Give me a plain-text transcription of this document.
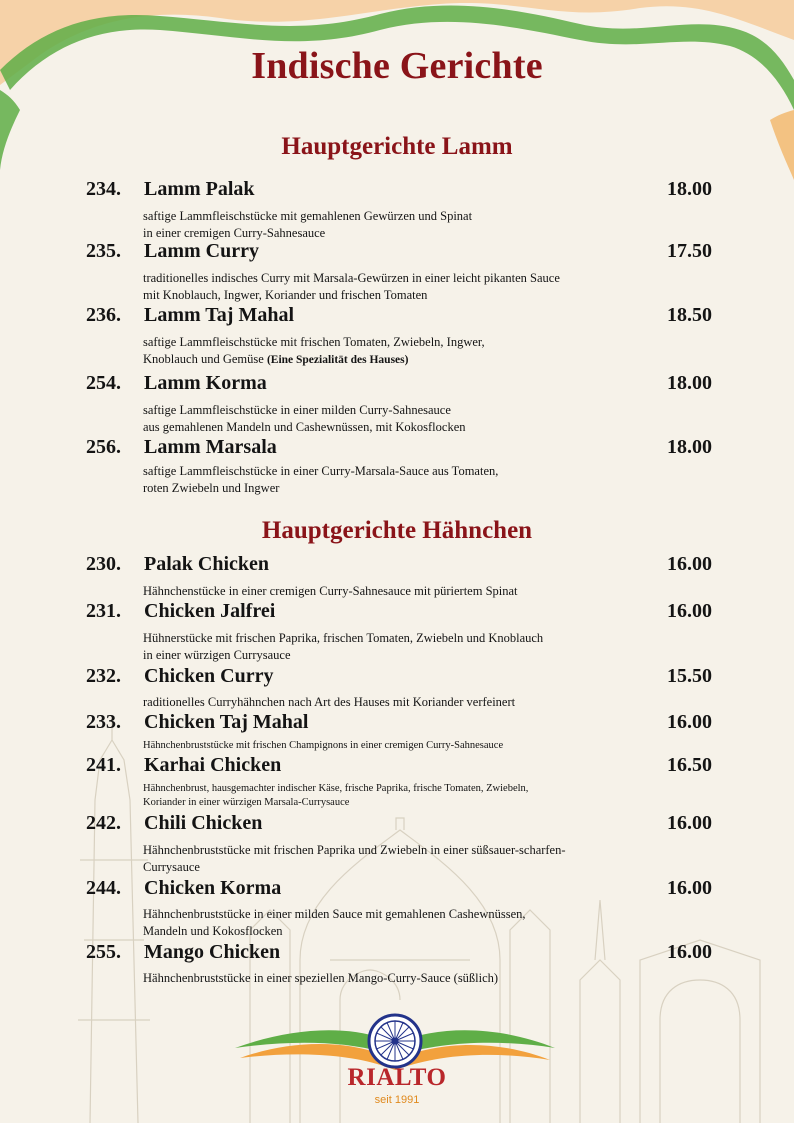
Indische Gerichte
Hauptgerichte Lamm
234. Lamm Palak	18.00
saftige Lammfleischstücke mit gemahlenen Gewürzen und Spinat
in einer cremigen Curry-Sahnesauce
235. Lamm Curry	17.50
traditionelles indisches Curry mit Marsala-Gewürzen in einer leicht pikanten Sauce
mit Knoblauch, Ingwer, Koriander und frischen Tomaten
236. Lamm Taj Mahal	18.50
saftige Lammfleischstücke mit frischen Tomaten, Zwiebeln, Ingwer,
Knoblauch und Gemüse (Eine Spezialität des Hauses)
254. Lamm Korma	18.00
saftige Lammfleischstücke in einer milden Curry-Sahnesauce
aus gemahlenen Mandeln und Cashewnüssen, mit Kokosflocken
256. Lamm Marsala	18.00
saftige Lammfleischstücke in einer Curry-Marsala-Sauce aus Tomaten,
roten Zwiebeln und Ingwer
Hauptgerichte Hähnchen
230. Palak Chicken	16.00
Hähnchenstücke in einer cremigen Curry-Sahnesauce mit püriertem Spinat
231. Chicken Jalfrei	16.00
Hühnerstücke mit frischen Paprika, frischen Tomaten, Zwiebeln und Knoblauch
in einer würzigen Currysauce
232. Chicken Curry	15.50
raditionelles Curryhähnchen nach Art des Hauses mit Koriander verfeinert
233. Chicken Taj Mahal	16.00
Hähnchenbruststücke mit frischen Champignons in einer cremigen Curry-Sahnesauce
241. Karhai Chicken	16.50
Hähnchenbrust, hausgemachter indischer Käse, frische Paprika, frische Tomaten, Zwiebeln,
Koriander in einer würzigen Marsala-Currysauce
242. Chili Chicken	16.00
Hähnchenbruststücke mit frischen Paprika und Zwiebeln in einer süßsauer-scharfen-
Currysauce
244. Chicken Korma	16.00
Hähnchenbruststücke in einer milden Sauce mit gemahlenen Cashewnüssen,
Mandeln und Kokosflocken
255. Mango Chicken	16.00
Hähnchenbruststücke in einer speziellen Mango-Curry-Sauce (süßlich)
RIALTO
seit 1991
